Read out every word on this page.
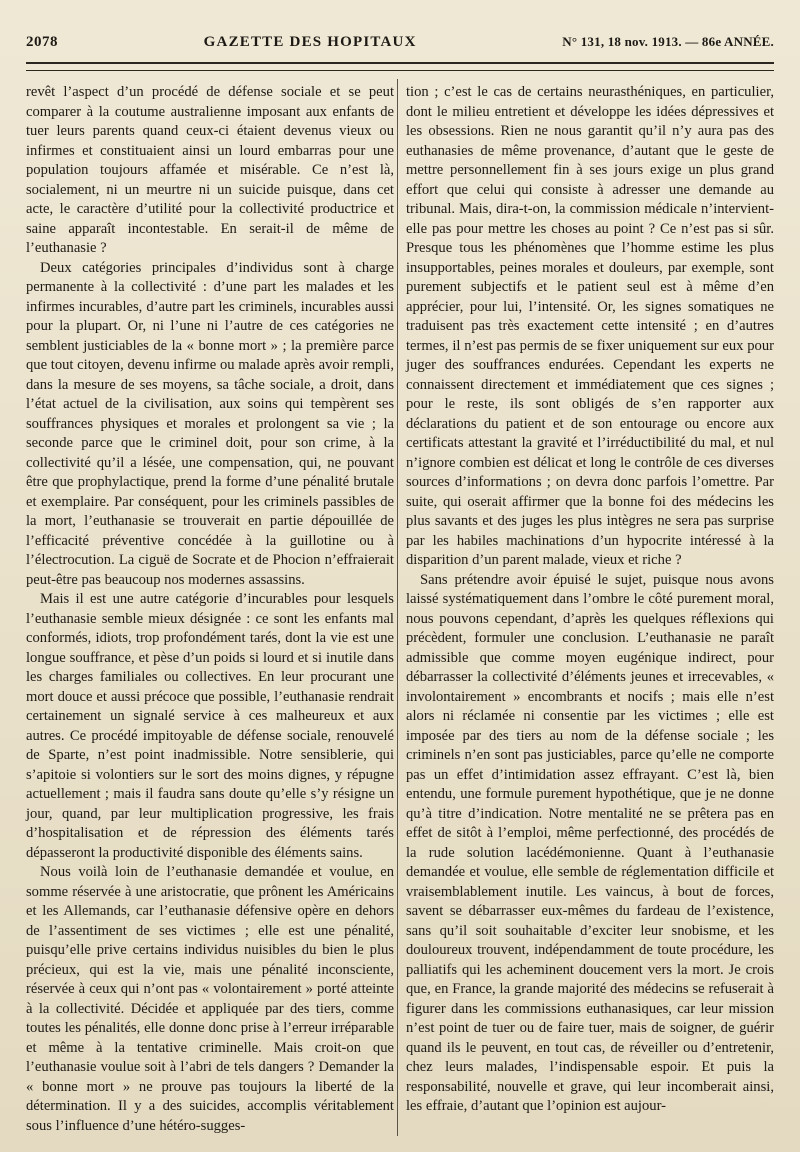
2078	GAZETTE DES HOPITAUX	N° 131, 18 nov. 1913. — 86e ANNÉE.

revêt l’aspect d’un procédé de défense sociale et se peut comparer à la coutume australienne imposant aux enfants de tuer leurs parents quand ceux-ci étaient devenus vieux ou infirmes et constituaient ainsi un lourd embarras pour une population toujours affamée et misérable. Ce n’est là, socialement, ni un meurtre ni un suicide puisque, dans cet acte, le caractère d’utilité pour la collectivité productrice et saine apparaît incontestable. En serait-il de même de l’euthanasie ?

Deux catégories principales d’individus sont à charge permanente à la collectivité : d’une part les malades et les infirmes incurables, d’autre part les criminels, incurables aussi pour la plupart. Or, ni l’une ni l’autre de ces catégories ne semblent justiciables de la « bonne mort » ; la première parce que tout citoyen, devenu infirme ou malade après avoir rempli, dans la mesure de ses moyens, sa tâche sociale, a droit, dans l’état actuel de la civilisation, aux soins qui tempèrent ses souffrances physiques et morales et prolongent sa vie ; la seconde parce que le criminel doit, pour son crime, à la collectivité qu’il a lésée, une compensation, qui, ne pouvant être que prophylactique, prend la forme d’une pénalité brutale et exemplaire. Par conséquent, pour les criminels passibles de la mort, l’euthanasie se trouverait en partie dépouillée de l’efficacité préventive concédée à la guillotine ou à l’électrocution. La ciguë de Socrate et de Phocion n’effraierait peut-être pas beaucoup nos modernes assassins.

Mais il est une autre catégorie d’incurables pour lesquels l’euthanasie semble mieux désignée : ce sont les enfants mal conformés, idiots, trop profondément tarés, dont la vie est une longue souffrance, et pèse d’un poids si lourd et si inutile dans les charges familiales ou collectives. En leur procurant une mort douce et aussi précoce que possible, l’euthanasie rendrait certainement un signalé service à ces malheureux et aux autres. Ce procédé impitoyable de défense sociale, renouvelé de Sparte, n’est point inadmissible. Notre sensiblerie, qui s’apitoie si volontiers sur le sort des moins dignes, y répugne actuellement ; mais il faudra sans doute qu’elle s’y résigne un jour, quand, par leur multiplication progressive, les frais d’hospitalisation et de répression des éléments tarés dépasseront la productivité disponible des éléments sains.

Nous voilà loin de l’euthanasie demandée et voulue, en somme réservée à une aristocratie, que prônent les Américains et les Allemands, car l’euthanasie défensive opère en dehors de l’assentiment de ses victimes ; elle est une pénalité, puisqu’elle prive certains individus nuisibles du bien le plus précieux, qui est la vie, mais une pénalité inconsciente, réservée à ceux qui n’ont pas « volontairement » porté atteinte à la collectivité. Décidée et appliquée par des tiers, comme toutes les pénalités, elle donne donc prise à l’erreur irréparable et même à la tentative criminelle. Mais croit-on que l’euthanasie voulue soit à l’abri de tels dangers ? Demander la « bonne mort » ne prouve pas toujours la liberté de la détermination. Il y a des suicides, accomplis véritablement sous l’influence d’une hétéro-sugges-

tion ; c’est le cas de certains neurasthéniques, en particulier, dont le milieu entretient et développe les idées dépressives et les obsessions. Rien ne nous garantit qu’il n’y aura pas des euthanasies de même provenance, d’autant que le geste de mettre personnellement fin à ses jours exige un plus grand effort que celui qui consiste à adresser une demande au tribunal. Mais, dira-t-on, la commission médicale n’intervient-elle pas pour mettre les choses au point ? Ce n’est pas si sûr. Presque tous les phénomènes que l’homme estime les plus insupportables, peines morales et douleurs, par exemple, sont purement subjectifs et le patient seul est à même d’en apprécier, pour lui, l’intensité. Or, les signes somatiques ne traduisent pas très exactement cette intensité ; en d’autres termes, il n’est pas permis de se fixer uniquement sur eux pour juger des souffrances endurées. Cependant les experts ne connaissent directement et immédiatement que ces signes ; pour le reste, ils sont obligés de s’en rapporter aux déclarations du patient et de son entourage ou encore aux certificats attestant la gravité et l’irréductibilité du mal, et nul n’ignore combien est délicat et long le contrôle de ces diverses sources d’informations ; on devra donc parfois l’omettre. Par suite, qui oserait affirmer que la bonne foi des médecins les plus savants et des juges les plus intègres ne sera pas surprise par les habiles machinations d’un hypocrite intéressé à la disparition d’un parent malade, vieux et riche ?

Sans prétendre avoir épuisé le sujet, puisque nous avons laissé systématiquement dans l’ombre le côté purement moral, nous pouvons cependant, d’après les quelques réflexions qui précèdent, formuler une conclusion. L’euthanasie ne paraît admissible que comme moyen eugénique indirect, pour débarrasser la collectivité d’éléments jeunes et irrecevables, « involontairement » encombrants et nocifs ; mais elle n’est alors ni réclamée ni consentie par les victimes ; elle est imposée par des tiers au nom de la défense sociale ; les criminels n’en sont pas justiciables, parce qu’elle ne comporte pas un effet d’intimidation assez effrayant. C’est là, bien entendu, une formule purement hypothétique, que je ne donne qu’à titre d’indication. Notre mentalité ne se prêtera pas en effet de sitôt à l’emploi, même perfectionné, des procédés de la rude solution lacédémonienne. Quant à l’euthanasie demandée et voulue, elle semble de réglementation difficile et vraisemblablement inutile. Les vaincus, à bout de forces, savent se débarrasser eux-mêmes du fardeau de l’existence, sans qu’il soit souhaitable d’exciter leur snobisme, et les douloureux trouvent, indépendamment de toute procédure, les palliatifs qui les acheminent doucement vers la mort. Je crois que, en France, la grande majorité des médecins se refuserait à figurer dans les commissions euthanasiques, car leur mission n’est point de tuer ou de faire tuer, mais de soigner, de guérir quand ils le peuvent, en tout cas, de réveiller ou d’entretenir, chez leurs malades, l’indispensable espoir. Et puis la responsabilité, nouvelle et grave, qui leur incomberait ainsi, les effraie, d’autant que l’opinion est aujour-
